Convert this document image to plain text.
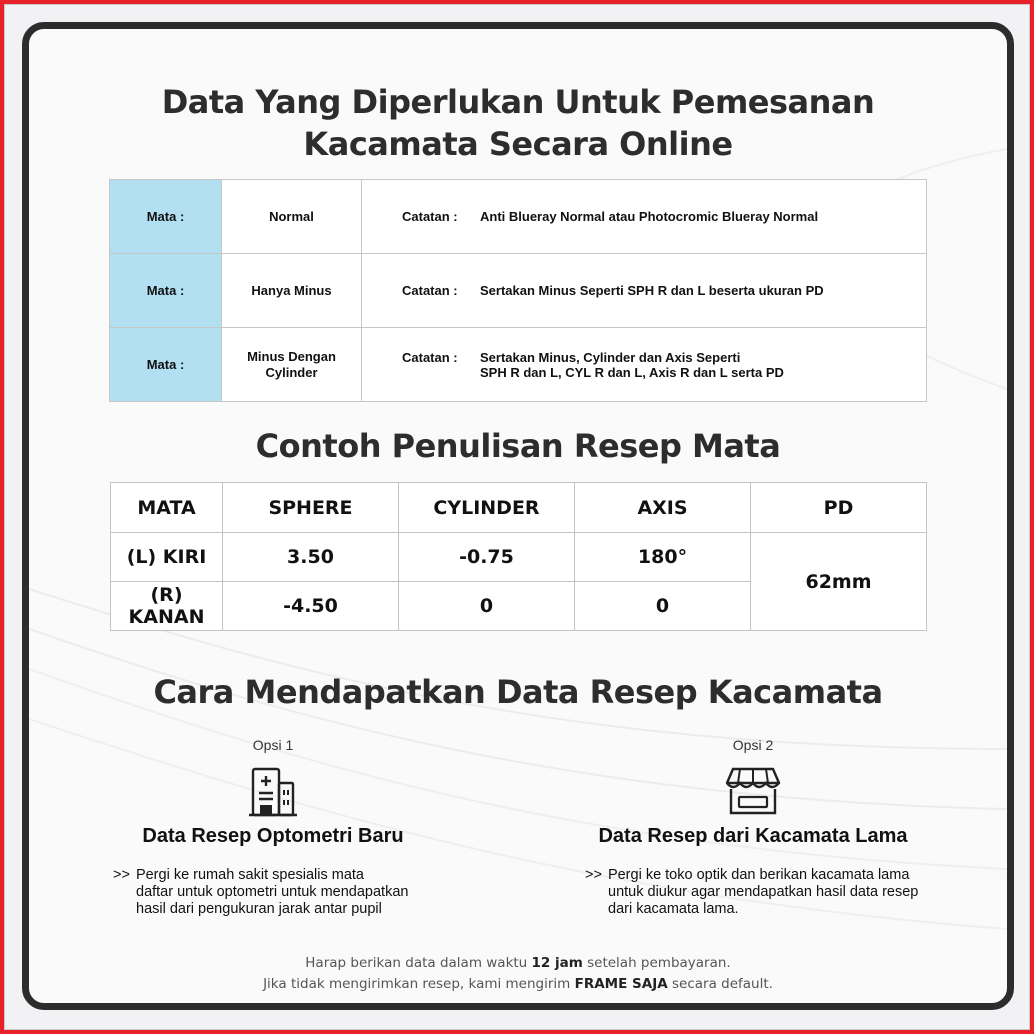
Data Yang Diperlukan Untuk Pemesanan
Kacamata Secara Online
Mata :	Normal	Catatan : Anti Blueray Normal atau Photocromic Blueray Normal

Mata :	Hanya Minus	Catatan : Sertakan Minus Seperti SPH R dan L beserta ukuran PD

Mata :	Minus Dengan Cylinder	Catatan : Sertakan Minus, Cylinder dan Axis Seperti
SPH R dan L, CYL R dan L, Axis R dan L serta PD
Contoh Penulisan Resep Mata
MATA	SPHERE	CYLINDER	AXIS	PD
(L) KIRI	3.50	-0.75	180°	62mm
(R) KANAN	-4.50	0	0	
Cara Mendapatkan Data Resep Kacamata
Opsi 1
Data Resep Optometri Baru
>> Pergi ke rumah sakit spesialis mata
daftar untuk optometri untuk mendapatkan
hasil dari pengukuran jarak antar pupil
Opsi 2
Data Resep dari Kacamata Lama
>> Pergi ke toko optik dan berikan kacamata lama
untuk diukur agar mendapatkan hasil data resep
dari kacamata lama.
Harap berikan data dalam waktu 12 jam setelah pembayaran.
Jika tidak mengirimkan resep, kami mengirim FRAME SAJA secara default.
